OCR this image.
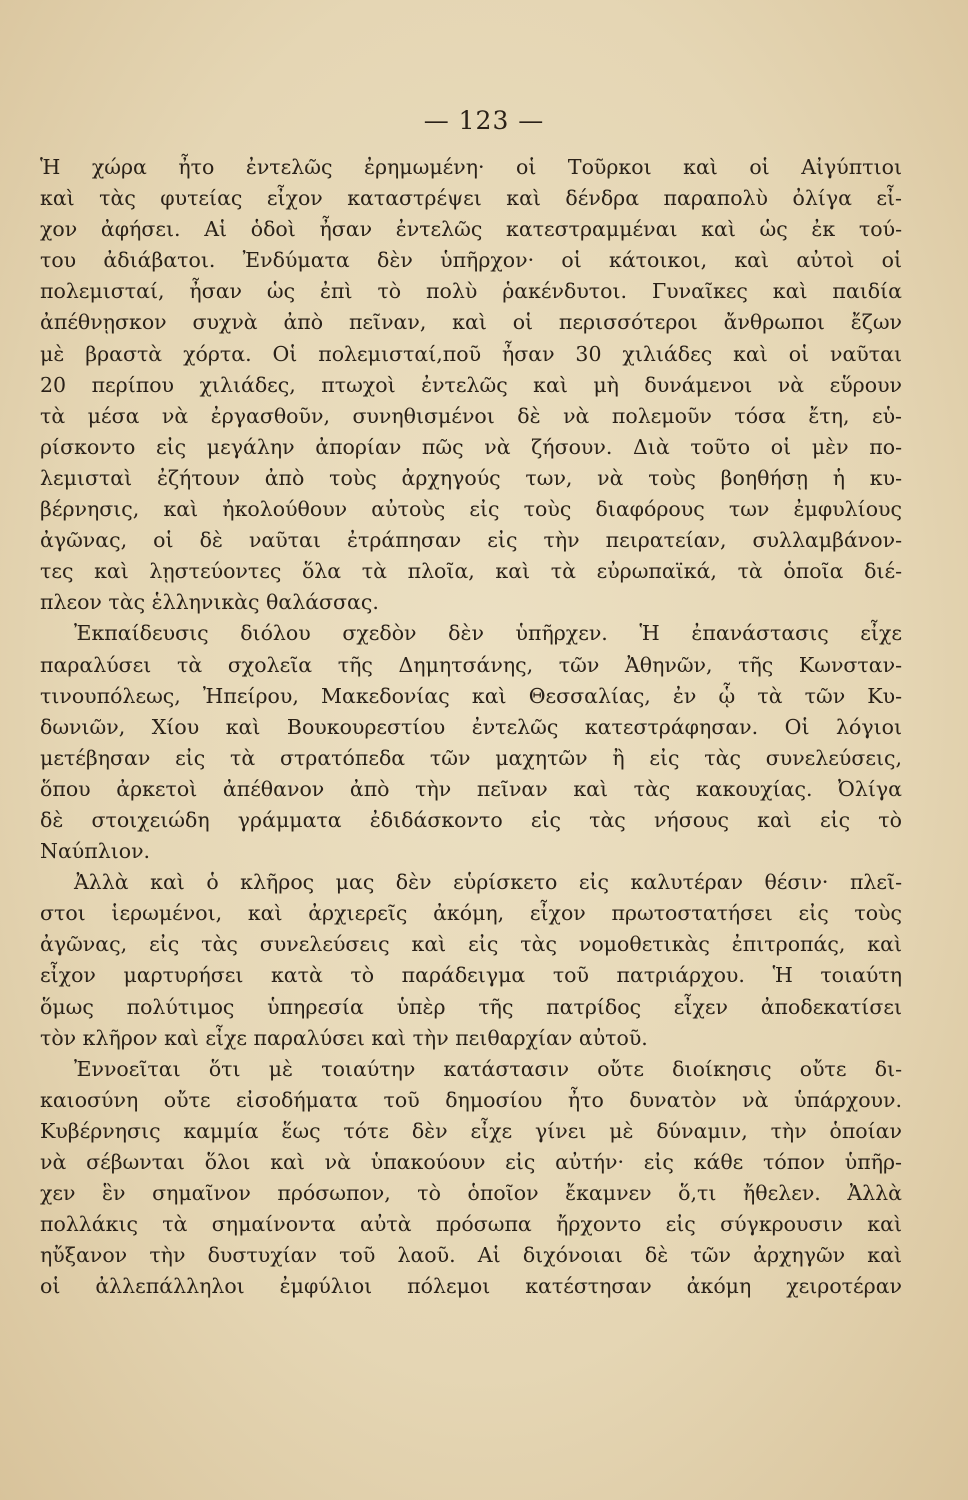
— 123 —
Ἡ χώρα ἦτο ἐντελῶς ἐρημωμένη· οἱ Τοῦρκοι καὶ οἱ Αἰγύπτιοι
καὶ τὰς φυτείας εἶχον καταστρέψει καὶ δένδρα παραπολὺ ὀλίγα εἶ-
χον ἀφήσει. Αἱ ὁδοὶ ἦσαν ἐντελῶς κατεστραμμέναι καὶ ὡς ἐκ τού-
του ἀδιάβατοι. Ἐνδύματα δὲν ὑπῆρχον· οἱ κάτοικοι, καὶ αὐτοὶ οἱ
πολεμισταί, ἦσαν ὡς ἐπὶ τὸ πολὺ ῥακένδυτοι. Γυναῖκες καὶ παιδία
ἀπέθνῃσκον συχνὰ ἀπὸ πεῖναν, καὶ οἱ περισσότεροι ἄνθρωποι ἔζων
μὲ βραστὰ χόρτα. Οἱ πολεμισταί,ποῦ ἦσαν 30 χιλιάδες καὶ οἱ ναῦται
20 περίπου χιλιάδες, πτωχοὶ ἐντελῶς καὶ μὴ δυνάμενοι νὰ εὕρουν
τὰ μέσα νὰ ἐργασθοῦν, συνηθισμένοι δὲ νὰ πολεμοῦν τόσα ἔτη, εὑ-
ρίσκοντο εἰς μεγάλην ἀπορίαν πῶς νὰ ζήσουν. Διὰ τοῦτο οἱ μὲν πο-
λεμισταὶ ἐζήτουν ἀπὸ τοὺς ἀρχηγούς των, νὰ τοὺς βοηθήσῃ ἡ κυ-
βέρνησις, καὶ ἠκολούθουν αὐτοὺς εἰς τοὺς διαφόρους των ἐμφυλίους
ἀγῶνας, οἱ δὲ ναῦται ἐτράπησαν εἰς τὴν πειρατείαν, συλλαμβάνον-
τες καὶ λῃστεύοντες ὅλα τὰ πλοῖα, καὶ τὰ εὐρωπαϊκά, τὰ ὁποῖα διέ-
πλεον τὰς ἑλληνικὰς θαλάσσας.
Ἐκπαίδευσις διόλου σχεδὸν δὲν ὑπῆρχεν. Ἡ ἐπανάστασις εἶχε
παραλύσει τὰ σχολεῖα τῆς Δημητσάνης, τῶν Ἀθηνῶν, τῆς Κωνσταν-
τινουπόλεως, Ἠπείρου, Μακεδονίας καὶ Θεσσαλίας, ἐν ᾧ τὰ τῶν Κυ-
δωνιῶν, Χίου καὶ Βουκουρεστίου ἐντελῶς κατεστράφησαν. Οἱ λόγιοι
μετέβησαν εἰς τὰ στρατόπεδα τῶν μαχητῶν ἢ εἰς τὰς συνελεύσεις,
ὅπου ἀρκετοὶ ἀπέθανον ἀπὸ τὴν πεῖναν καὶ τὰς κακουχίας. Ὀλίγα
δὲ στοιχειώδη γράμματα ἐδιδάσκοντο εἰς τὰς νήσους καὶ εἰς τὸ
Ναύπλιον.
Ἀλλὰ καὶ ὁ κλῆρος μας δὲν εὑρίσκετο εἰς καλυτέραν θέσιν· πλεῖ-
στοι ἱερωμένοι, καὶ ἀρχιερεῖς ἀκόμη, εἶχον πρωτοστατήσει εἰς τοὺς
ἀγῶνας, εἰς τὰς συνελεύσεις καὶ εἰς τὰς νομοθετικὰς ἐπιτροπάς, καὶ
εἶχον μαρτυρήσει κατὰ τὸ παράδειγμα τοῦ πατριάρχου. Ἡ τοιαύτη
ὅμως πολύτιμος ὑπηρεσία ὑπὲρ τῆς πατρίδος εἶχεν ἀποδεκατίσει
τὸν κλῆρον καὶ εἶχε παραλύσει καὶ τὴν πειθαρχίαν αὐτοῦ.
Ἐννοεῖται ὅτι μὲ τοιαύτην κατάστασιν οὔτε διοίκησις οὔτε δι-
καιοσύνη οὔτε εἰσοδήματα τοῦ δημοσίου ἦτο δυνατὸν νὰ ὑπάρχουν.
Κυβέρνησις καμμία ἕως τότε δὲν εἶχε γίνει μὲ δύναμιν, τὴν ὁποίαν
νὰ σέβωνται ὅλοι καὶ νὰ ὑπακούουν εἰς αὐτήν· εἰς κάθε τόπον ὑπῆρ-
χεν ἓν σημαῖνον πρόσωπον, τὸ ὁποῖον ἔκαμνεν ὅ,τι ἤθελεν. Ἀλλὰ
πολλάκις τὰ σημαίνοντα αὐτὰ πρόσωπα ἤρχοντο εἰς σύγκρουσιν καὶ
ηὔξανον τὴν δυστυχίαν τοῦ λαοῦ. Αἱ διχόνοιαι δὲ τῶν ἀρχηγῶν καὶ
οἱ ἀλλεπάλληλοι ἐμφύλιοι πόλεμοι κατέστησαν ἀκόμη χειροτέραν
